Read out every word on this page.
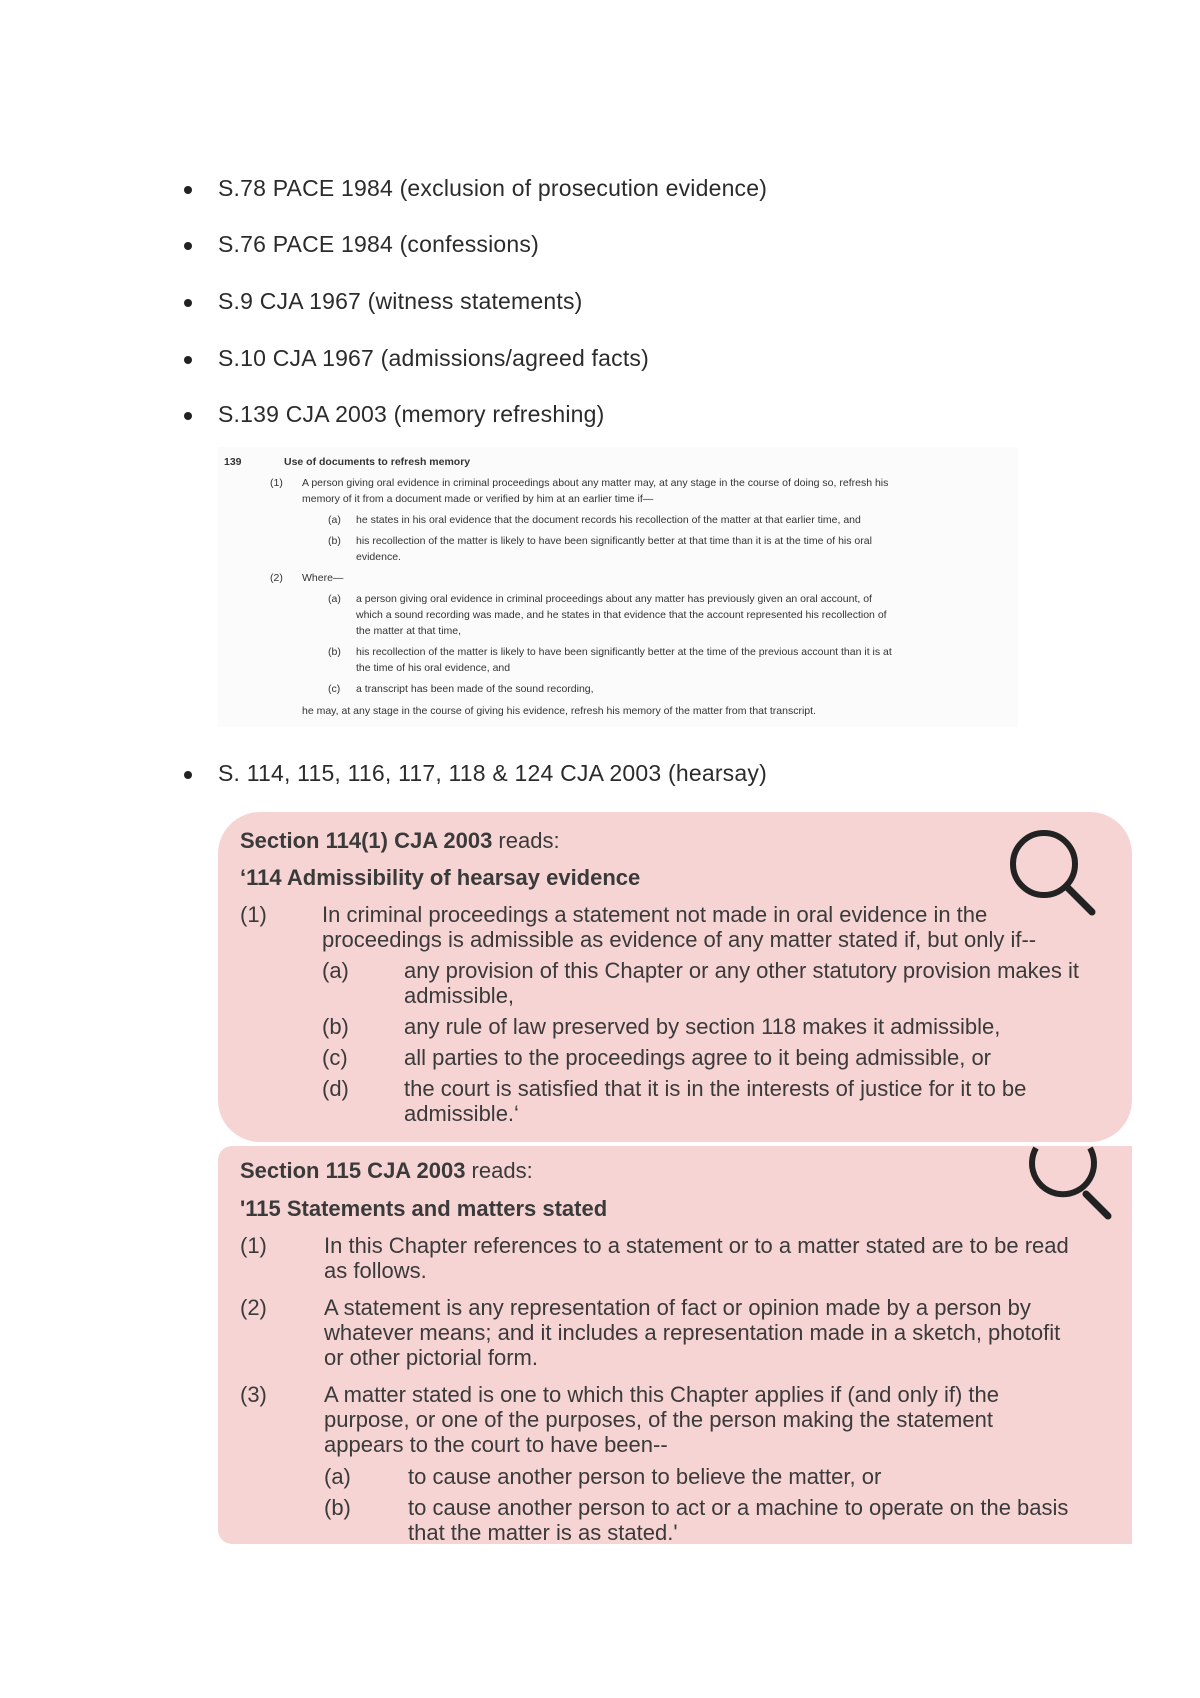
S.78 PACE 1984 (exclusion of prosecution evidence)
S.76 PACE 1984 (confessions)
S.9 CJA 1967 (witness statements)
S.10 CJA 1967 (admissions/agreed facts)
S.139 CJA 2003 (memory refreshing)
S. 114, 115, 116, 117, 118 & 124 CJA 2003 (hearsay)
139	Use of documents to refresh memory
(1) A person giving oral evidence in criminal proceedings about any matter may, at any stage in the course of doing so, refresh his
memory of it from a document made or verified by him at an earlier time if—
(a) he states in his oral evidence that the document records his recollection of the matter at that earlier time, and
(b) his recollection of the matter is likely to have been significantly better at that time than it is at the time of his oral
evidence.
(2) Where—
(a) a person giving oral evidence in criminal proceedings about any matter has previously given an oral account, of
which a sound recording was made, and he states in that evidence that the account represented his recollection of
the matter at that time,
(b) his recollection of the matter is likely to have been significantly better at the time of the previous account than it is at
the time of his oral evidence, and
(c) a transcript has been made of the sound recording,
he may, at any stage in the course of giving his evidence, refresh his memory of the matter from that transcript.
Section 114(1) CJA 2003 reads:
‘114 Admissibility of hearsay evidence
(1)	In criminal proceedings a statement not made in oral evidence in the
proceedings is admissible as evidence of any matter stated if, but only if--
(a)	any provision of this Chapter or any other statutory provision makes it
admissible,
(b)	any rule of law preserved by section 118 makes it admissible,
(c)	all parties to the proceedings agree to it being admissible, or
(d)	the court is satisfied that it is in the interests of justice for it to be
admissible.‘
Section 115 CJA 2003 reads:
'115 Statements and matters stated
(1)	In this Chapter references to a statement or to a matter stated are to be read
as follows.
(2)	A statement is any representation of fact or opinion made by a person by
whatever means; and it includes a representation made in a sketch, photofit
or other pictorial form.
(3)	A matter stated is one to which this Chapter applies if (and only if) the
purpose, or one of the purposes, of the person making the statement
appears to the court to have been--
(a)	to cause another person to believe the matter, or
(b)	to cause another person to act or a machine to operate on the basis
that the matter is as stated.'
